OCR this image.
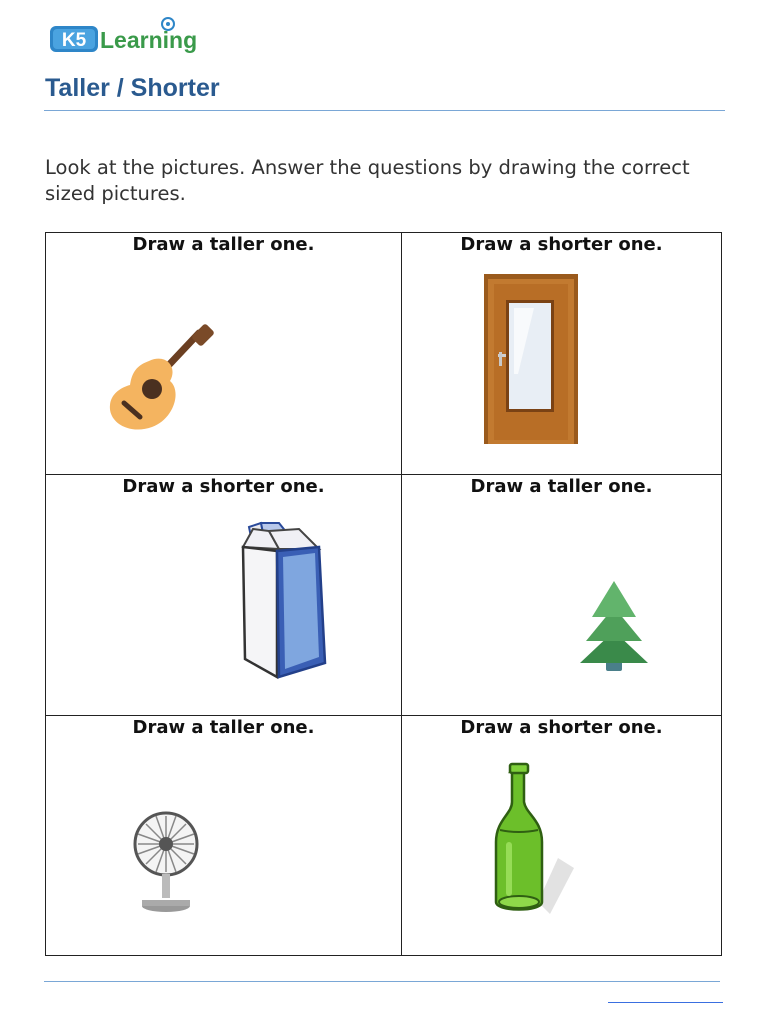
K5 Learning
Taller / Shorter
Look at the pictures. Answer the questions by drawing the correct sized pictures.
Draw a taller one.	Draw a shorter one.
Draw a shorter one.	Draw a taller one.
Draw a taller one.	Draw a shorter one.
